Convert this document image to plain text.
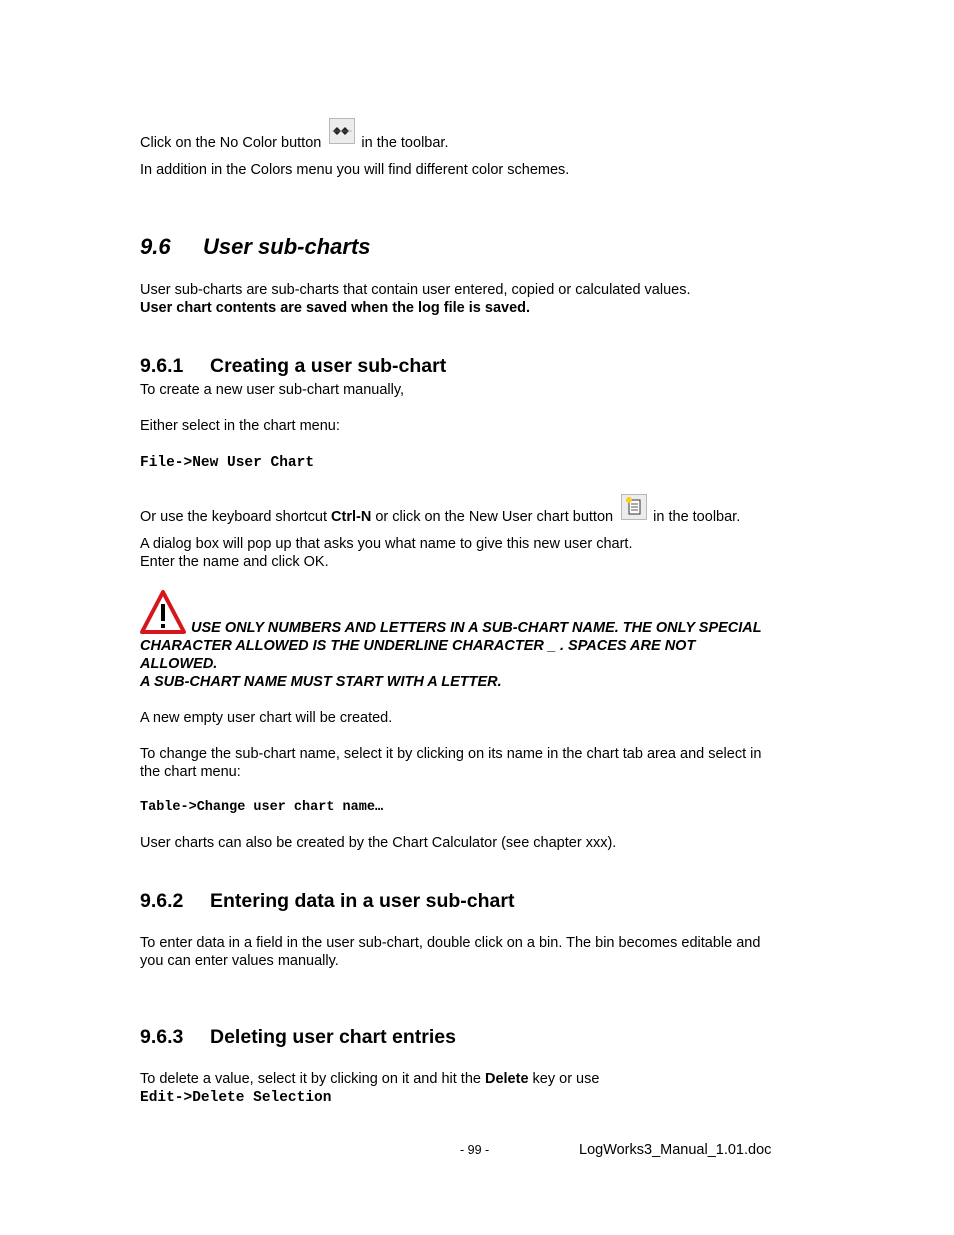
Click on the No Color button	in the toolbar.
In addition in the Colors menu you will find different color schemes.
9.6 User sub-charts
User sub-charts are sub-charts that contain user entered, copied or calculated values.
User chart contents are saved when the log file is saved.
9.6.1 Creating a user sub-chart
To create a new user sub-chart manually,
Either select in the chart menu:
File->New User Chart
Or use the keyboard shortcut Ctrl-N or click on the New User chart button	in the toolbar.
A dialog box will pop up that asks you what name to give this new user chart.
Enter the name and click OK.
USE ONLY NUMBERS AND LETTERS IN A SUB-CHART NAME. THE ONLY SPECIAL
CHARACTER ALLOWED IS THE UNDERLINE CHARACTER _ . SPACES ARE NOT
ALLOWED.
A SUB-CHART NAME MUST START WITH A LETTER.
A new empty user chart will be created.
To change the sub-chart name, select it by clicking on its name in the chart tab area and select in
the chart menu:
Table->Change user chart name…
User charts can also be created by the Chart Calculator (see chapter xxx).
9.6.2 Entering data in a user sub-chart
To enter data in a field in the user sub-chart, double click on a bin. The bin becomes editable and
you can enter values manually.
9.6.3 Deleting user chart entries
To delete a value, select it by clicking on it and hit the Delete key or use
Edit->Delete Selection
- 99 -	LogWorks3_Manual_1.01.doc
